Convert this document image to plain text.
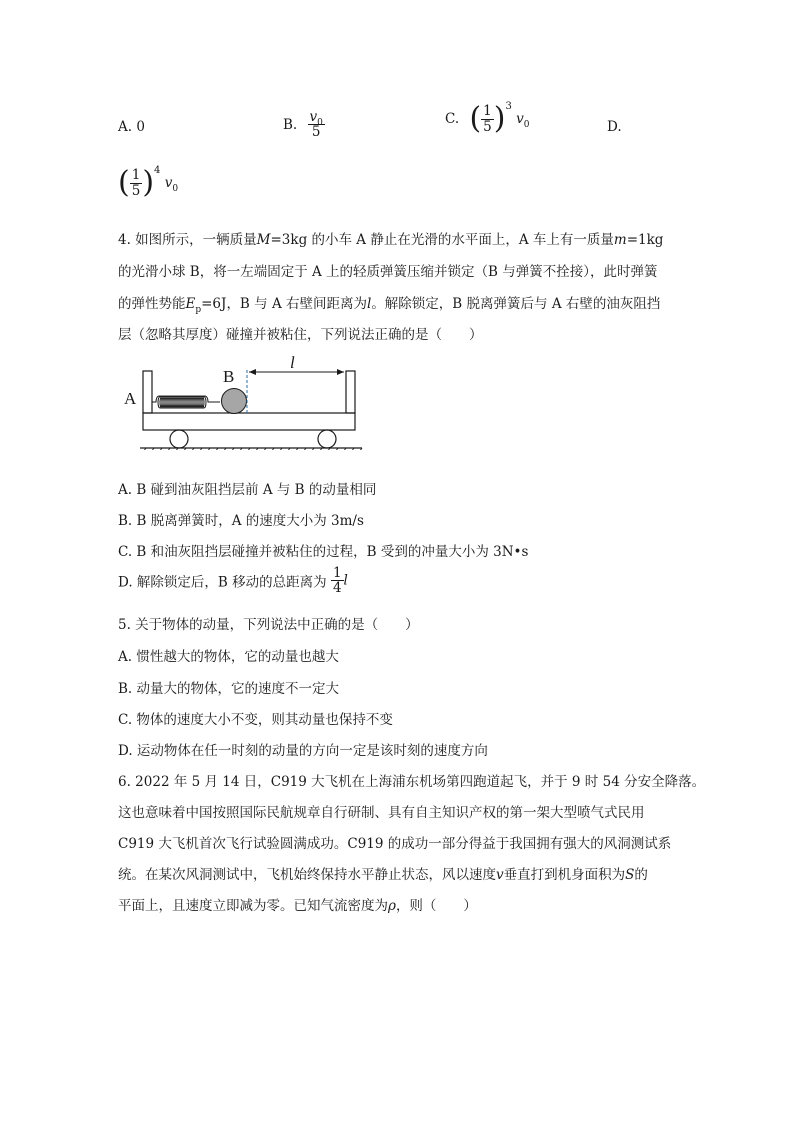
A. 0	B. $\frac{v_0}{5}$	C. ( $\frac{1}{5} )^3$ $v_0$	D.
( $\frac{1}{5} )^4$ $v_0$
4. 如图所示，一辆质量M=3kg 的小车 A 静止在光滑的水平面上，A 车上有一质量m=1kg
的光滑小球 B，将一左端固定于 A 上的轻质弹簧压缩并锁定（B 与弹簧不拴接），此时弹簧
的弹性势能$E_p=6J$，B 与 A 右壁间距离为l。解除锁定，B 脱离弹簧后与 A 右壁的油灰阻挡
层（忽略其厚度）碰撞并被粘住，下列说法正确的是（　　）
A
B
l
A. B 碰到油灰阻挡层前 A 与 B 的动量相同
B. B 脱离弹簧时，A 的速度大小为 3m/s
C. B 和油灰阻挡层碰撞并被粘住的过程，B 受到的冲量大小为 3N•s
D. 解除锁定后，B 移动的总距离为 $\frac{1}{4}$ l
5. 关于物体的动量，下列说法中正确的是（　　）
A. 惯性越大的物体，它的动量也越大
B. 动量大的物体，它的速度不一定大
C. 物体的速度大小不变，则其动量也保持不变
D. 运动物体在任一时刻的动量的方向一定是该时刻的速度方向
6. 2022 年 5 月 14 日，C919 大飞机在上海浦东机场第四跑道起飞，并于 9 时 54 分安全降落。
这也意味着中国按照国际民航规章自行研制、具有自主知识产权的第一架大型喷气式民用
C919 大飞机首次飞行试验圆满成功。C919 的成功一部分得益于我国拥有强大的风洞测试系
统。在某次风洞测试中，飞机始终保持水平静止状态，风以速度v垂直打到机身面积为S的
平面上，且速度立即减为零。已知气流密度为ρ，则（　　）
